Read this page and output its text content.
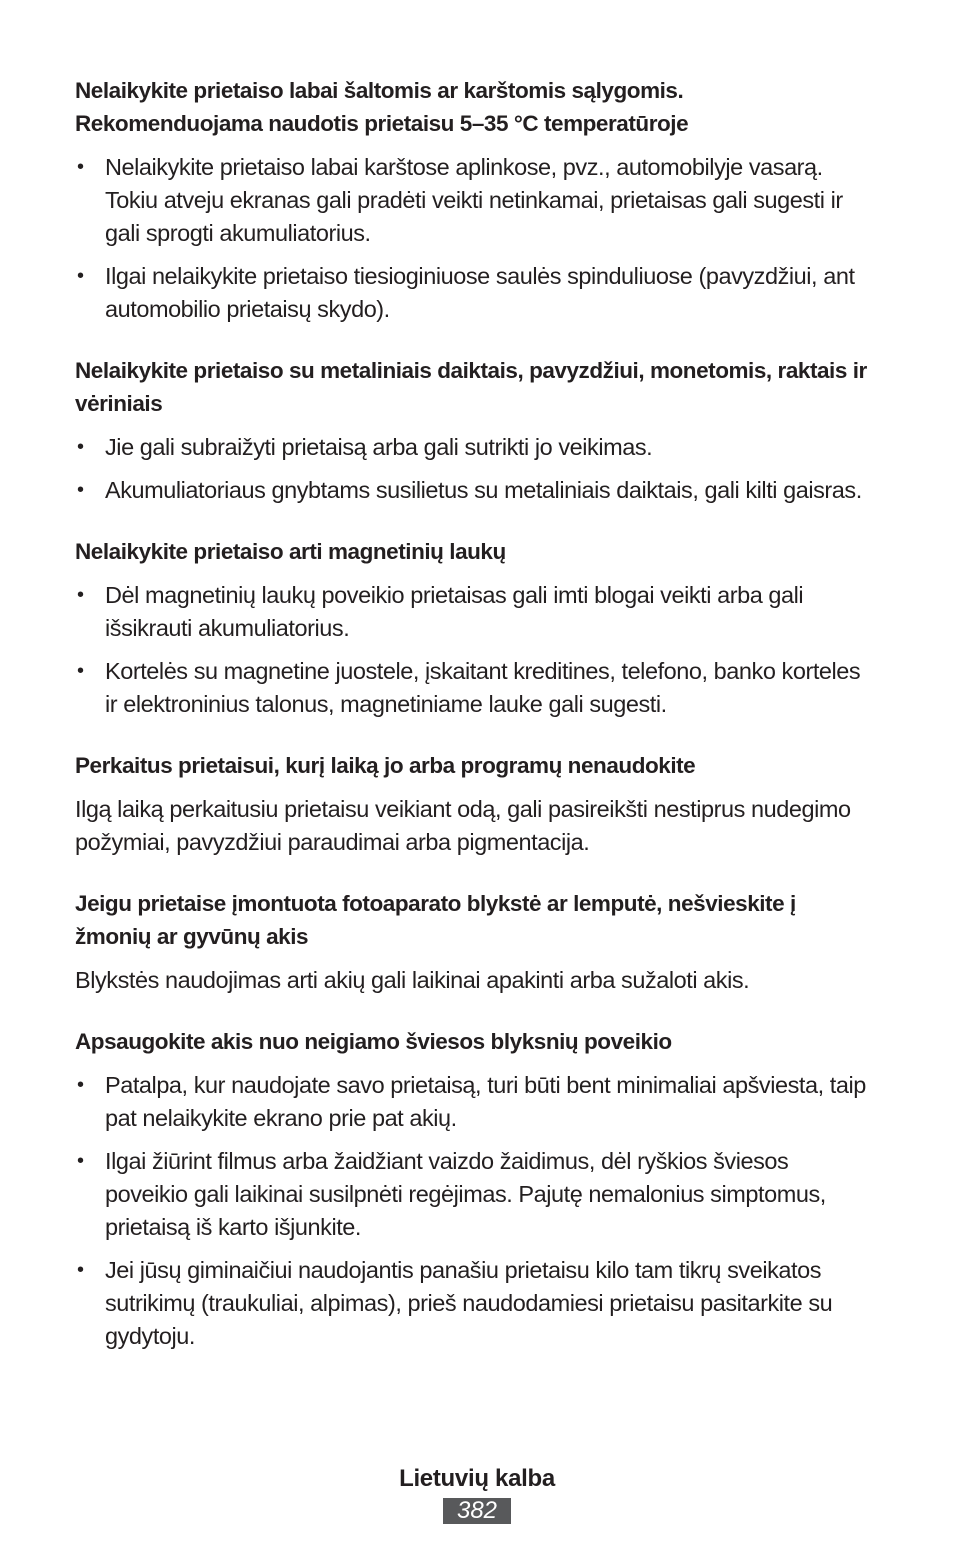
Nelaikykite prietaiso labai šaltomis ar karštomis sąlygomis. Rekomenduojama naudotis prietaisu 5–35 °C temperatūroje
• Nelaikykite prietaiso labai karštose aplinkose, pvz., automobilyje vasarą. Tokiu atveju ekranas gali pradėti veikti netinkamai, prietaisas gali sugesti ir gali sprogti akumuliatorius.
• Ilgai nelaikykite prietaiso tiesioginiuose saulės spinduliuose (pavyzdžiui, ant automobilio prietaisų skydo).
Nelaikykite prietaiso su metaliniais daiktais, pavyzdžiui, monetomis, raktais ir vėriniais
• Jie gali subraižyti prietaisą arba gali sutrikti jo veikimas.
• Akumuliatoriaus gnybtams susilietus su metaliniais daiktais, gali kilti gaisras.
Nelaikykite prietaiso arti magnetinių laukų
• Dėl magnetinių laukų poveikio prietaisas gali imti blogai veikti arba gali išsikrauti akumuliatorius.
• Kortelės su magnetine juostele, įskaitant kreditines, telefono, banko korteles ir elektroninius talonus, magnetiniame lauke gali sugesti.
Perkaitus prietaisui, kurį laiką jo arba programų nenaudokite

Ilgą laiką perkaitusiu prietaisu veikiant odą, gali pasireikšti nestiprus nudegimo požymiai, pavyzdžiui paraudimai arba pigmentacija.

Jeigu prietaise įmontuota fotoaparato blykstė ar lemputė, nešvieskite į žmonių ar gyvūnų akis

Blykstės naudojimas arti akių gali laikinai apakinti arba sužaloti akis.

Apsaugokite akis nuo neigiamo šviesos blyksnių poveikio
• Patalpa, kur naudojate savo prietaisą, turi būti bent minimaliai apšviesta, taip pat nelaikykite ekrano prie pat akių.
• Ilgai žiūrint filmus arba žaidžiant vaizdo žaidimus, dėl ryškios šviesos poveikio gali laikinai susilpnėti regėjimas. Pajutę nemalonius simptomus, prietaisą iš karto išjunkite.
• Jei jūsų giminaičiui naudojantis panašiu prietaisu kilo tam tikrų sveikatos sutrikimų (traukuliai, alpimas), prieš naudodamiesi prietaisu pasitarkite su gydytoju.
Lietuvių kalba
382
